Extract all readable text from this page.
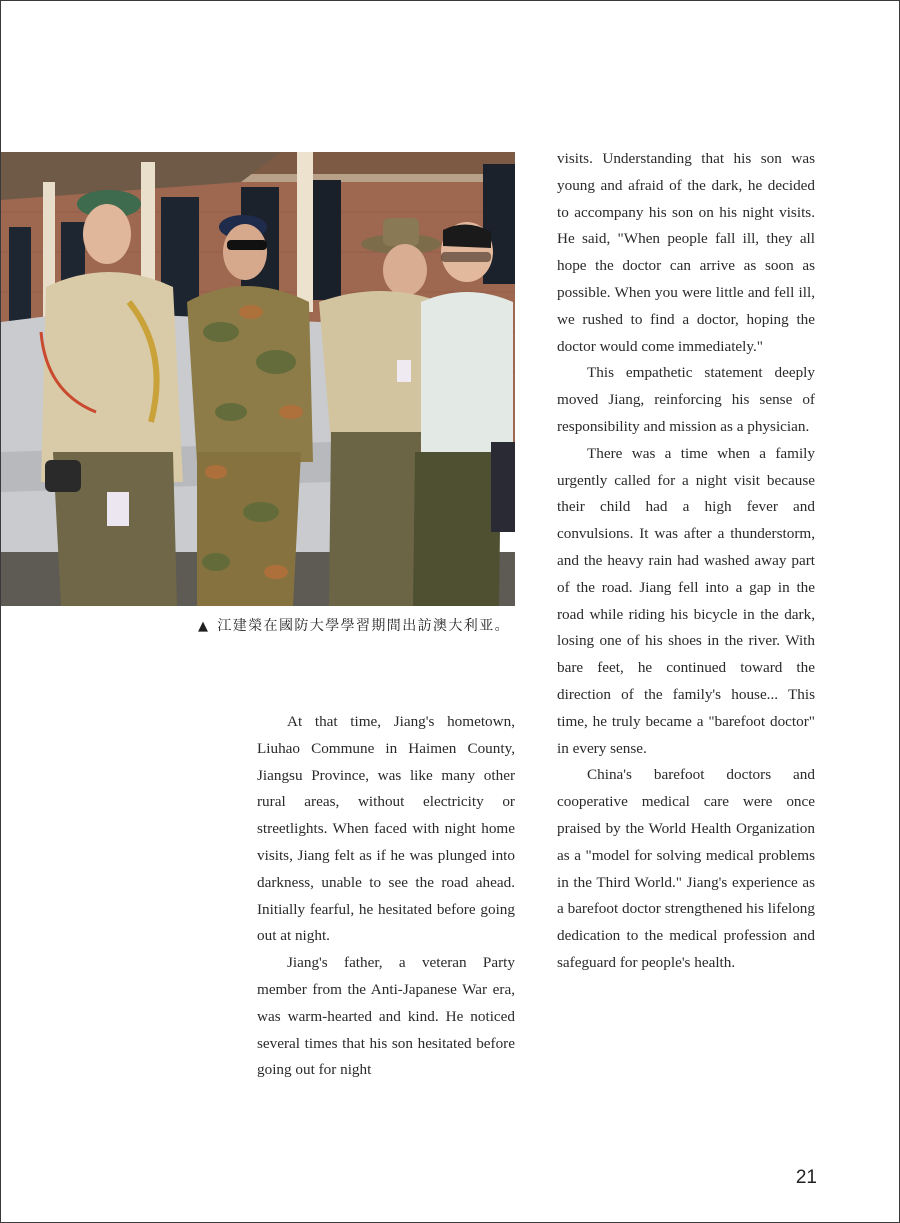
▲ 江建榮在國防大學學習期間出訪澳大利亚。

At that time, Jiang's hometown, Liuhao Commune in Haimen County, Jiangsu Province, was like many other rural areas, without electricity or streetlights. When faced with night home visits, Jiang felt as if he was plunged into darkness, unable to see the road ahead. Initially fearful, he hesitated before going out at night.

Jiang's father, a veteran Party member from the Anti-Japanese War era, was warm-hearted and kind. He noticed several times that his son hesitated before going out for night

visits. Understanding that his son was young and afraid of the dark, he decided to accompany his son on his night visits. He said, "When people fall ill, they all hope the doctor can arrive as soon as possible. When you were little and fell ill, we rushed to find a doctor, hoping the doctor would come immediately."

This empathetic statement deeply moved Jiang, reinforcing his sense of responsibility and mission as a physician.

There was a time when a family urgently called for a night visit because their child had a high fever and convulsions. It was after a thunderstorm, and the heavy rain had washed away part of the road. Jiang fell into a gap in the road while riding his bicycle in the dark, losing one of his shoes in the river. With bare feet, he continued toward the direction of the family's house... This time, he truly became a "barefoot doctor" in every sense.

China's barefoot doctors and cooperative medical care were once praised by the World Health Organization as a "model for solving medical problems in the Third World." Jiang's experience as a barefoot doctor strengthened his lifelong dedication to the medical profession and safeguard for people's health.

21
